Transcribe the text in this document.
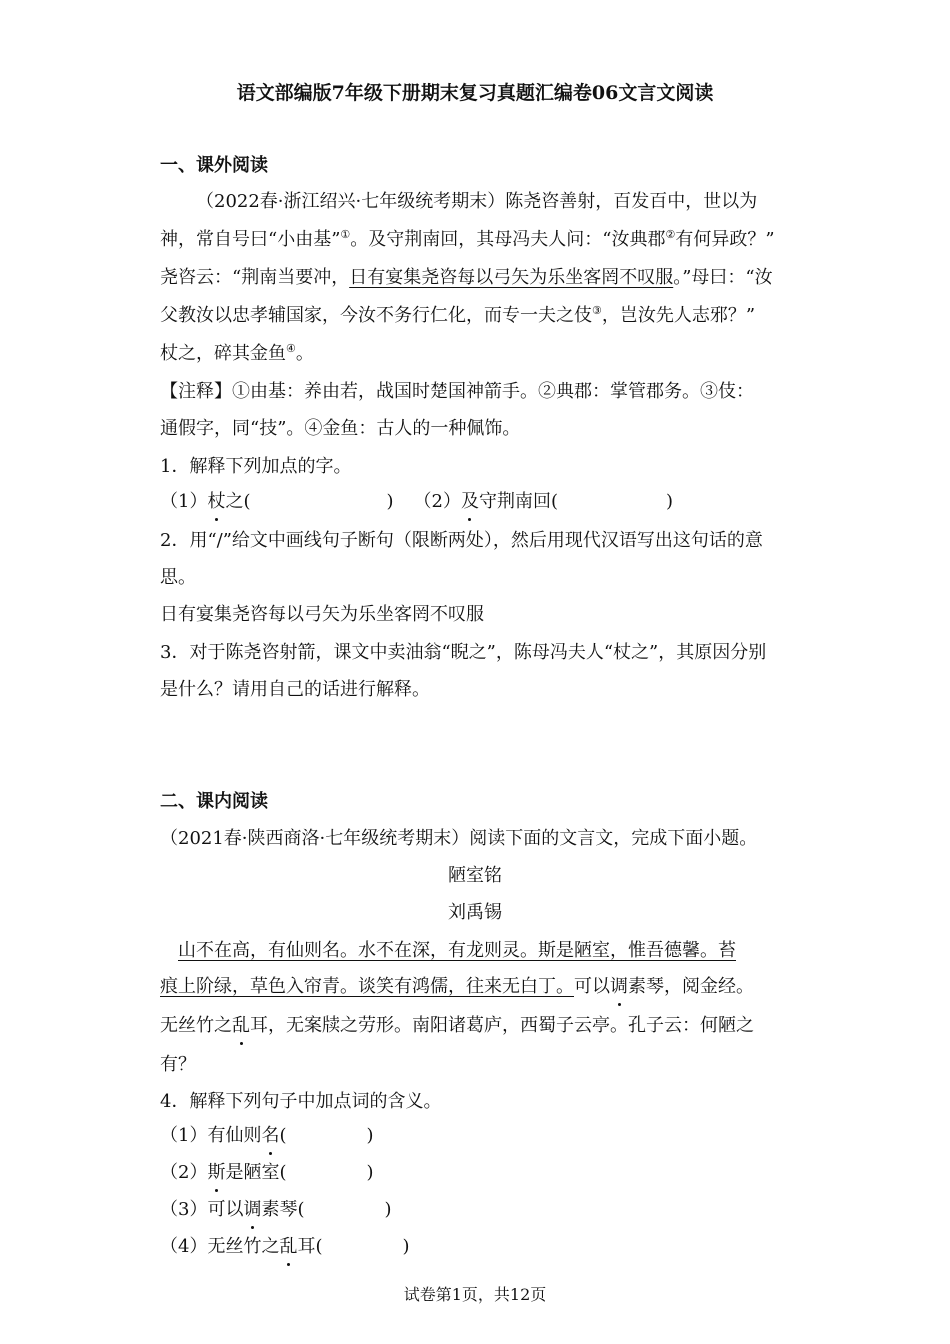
语文部编版7年级下册期末复习真题汇编卷06文言文阅读
一、课外阅读
（2022春·浙江绍兴·七年级统考期末）陈尧咨善射，百发百中，世以为
神，常自号曰“小由基”①。及守荆南回，其母冯夫人问：“汝典郡②有何异政？”
尧咨云：“荆南当要冲，日有宴集尧咨每以弓矢为乐坐客罔不叹服。”母曰：“汝
父教汝以忠孝辅国家，今汝不务行仁化，而专一夫之伎③，岂汝先人志邪？”
杖之，碎其金鱼④。
【注释】①由基：养由若，战国时楚国神箭手。②典郡：掌管郡务。③伎：
通假字，同“技”。④金鱼：古人的一种佩饰。
1．解释下列加点的字。
（1）杖之(	) （2）及守荆南回(	)
2．用“/”给文中画线句子断句（限断两处），然后用现代汉语写出这句话的意
思。
日有宴集尧咨每以弓矢为乐坐客罔不叹服
3．对于陈尧咨射箭，课文中卖油翁“睨之”，陈母冯夫人“杖之”，其原因分别
是什么？请用自己的话进行解释。
二、课内阅读
（2021春·陕西商洛·七年级统考期末）阅读下面的文言文，完成下面小题。
陋室铭
刘禹锡
山不在高，有仙则名。水不在深，有龙则灵。斯是陋室，惟吾德馨。苔
痕上阶绿，草色入帘青。谈笑有鸿儒，往来无白丁。可以调素琴，阅金经。
无丝竹之乱耳，无案牍之劳形。南阳诸葛庐，西蜀子云亭。孔子云：何陋之
有？
4．解释下列句子中加点词的含义。
（1）有仙则名(	)
（2）斯是陋室(	)
（3）可以调素琴(	)
（4）无丝竹之乱耳(	)
试卷第1页，共12页
